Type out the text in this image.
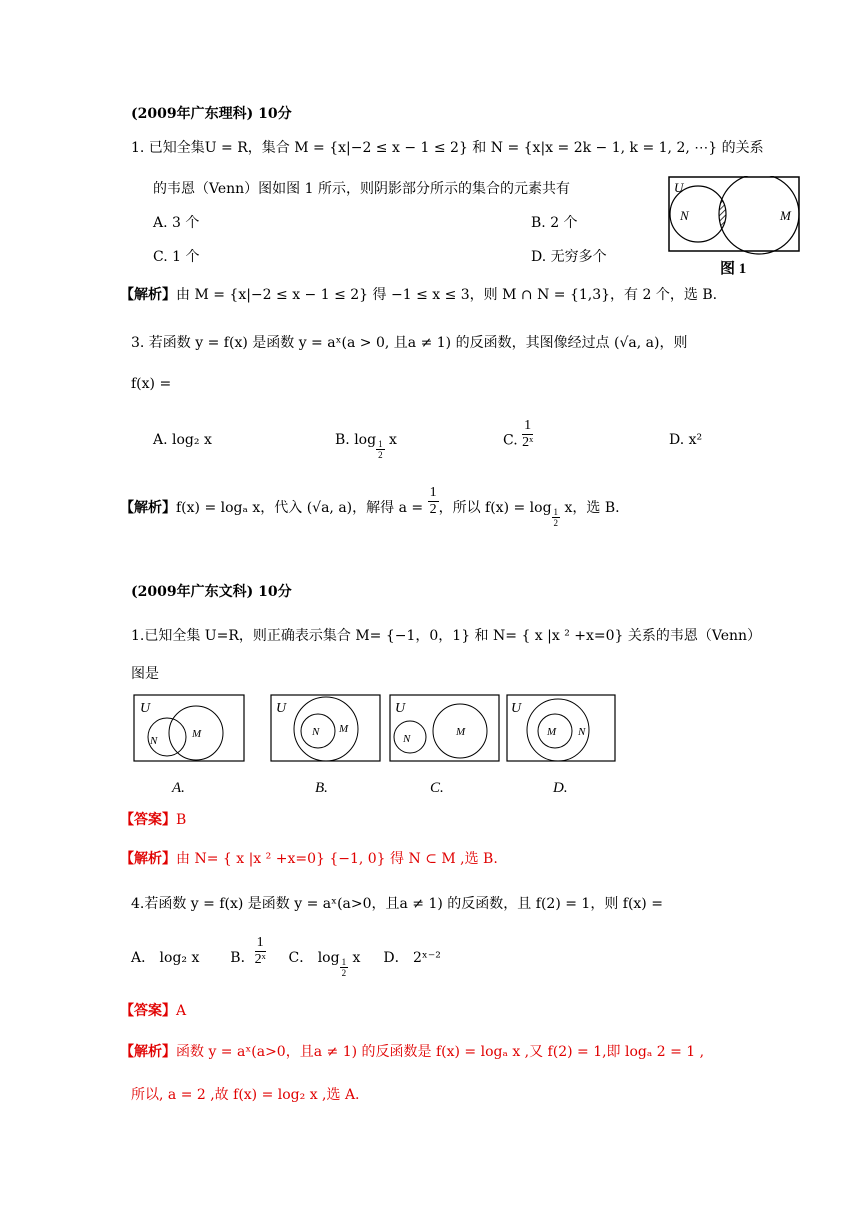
(2009年广东理科) 10分
1. 已知全集U = R，集合 M = {x|−2 ≤ x − 1 ≤ 2} 和 N = {x|x = 2k − 1, k = 1, 2, ⋯} 的关系
的韦恩（Venn）图如图 1 所示，则阴影部分所示的集合的元素共有
A. 3 个	B. 2 个
C. 1 个	D. 无穷多个
U
N	M
图 1
【解析】由 M = {x|−2 ≤ x − 1 ≤ 2} 得 −1 ≤ x ≤ 3，则 M ∩ N = {1,3}，有 2 个，选 B.
3. 若函数 y = f(x) 是函数 y = aˣ(a > 0, 且a ≠ 1) 的反函数，其图像经过点 (√a, a)，则
f(x) =
A. log₂ x	B. $\log \frac{1}{2}$ x	C. $\frac{1}{\text{2ˣ}}$	D. x²
【解析】f(x) = logₐ x，代入 (√a, a)，解得 $a = \frac{1}{2}$ ，所以 $f(x) = \log \frac{1}{2}$ x，选 B.
(2009年广东文科) 10分
1.已知全集 U=R，则正确表示集合 M= {−1，0，1} 和 N= { x |x ² +x=0} 关系的韦恩（Venn）
图是
U
N
M
A.
U
N M
B.
U
N
M
C.
U
M N
D.
【答案】B
【解析】由 N= { x |x ² +x=0} {−1, 0} 得 N ⊂ M ,选 B.
4.若函数 y = f(x) 是函数 y = aˣ(a>0，且a ≠ 1) 的反函数，且 f(2) = 1，则 f(x) =
A． log₂ x B． $\frac{1}{\text{2ˣ}}$ C． $\log \frac{1}{2}$ x D． 2ˣ⁻²
【答案】A
【解析】函数 y = aˣ(a>0，且a ≠ 1) 的反函数是 f(x) = logₐ x ,又 f(2) = 1,即 logₐ 2 = 1 ,
所以, a = 2 ,故 f(x) = log₂ x ,选 A.
